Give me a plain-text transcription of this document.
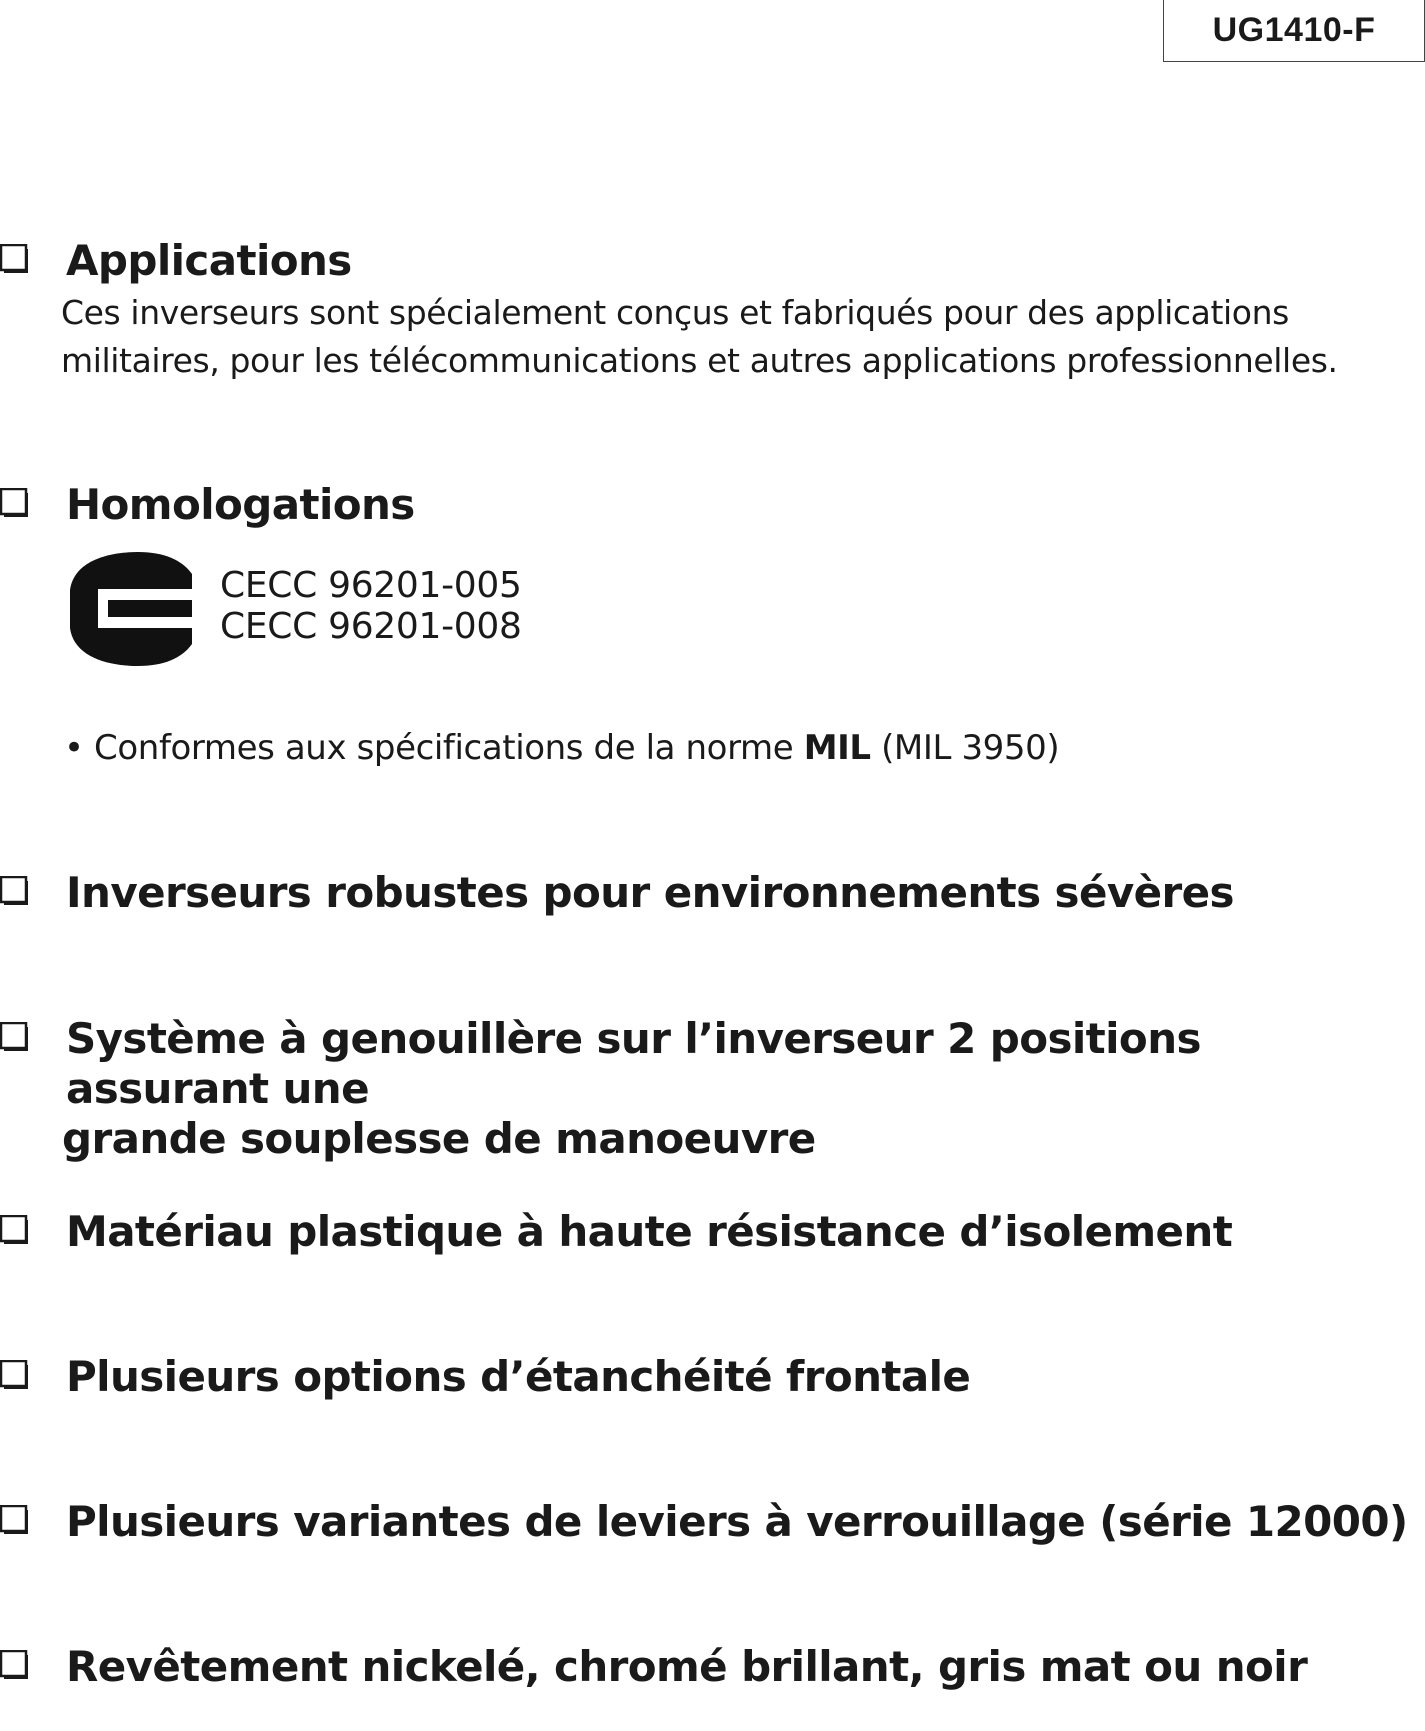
UG1410-F
Applications
Ces inverseurs sont spécialement conçus et fabriqués pour des applications
militaires, pour les télécommunications et autres applications professionnelles.
Homologations
CECC 96201-005
CECC 96201-008
• Conformes aux spécifications de la norme MIL (MIL 3950)
Inverseurs robustes pour environnements sévères
Système à genouillère sur l’inverseur 2 positions assurant une
grande souplesse de manoeuvre
Matériau plastique à haute résistance d’isolement
Plusieurs options d’étanchéité frontale
Plusieurs variantes de leviers à verrouillage (série 12000)
Revêtement nickelé, chromé brillant, gris mat ou noir
